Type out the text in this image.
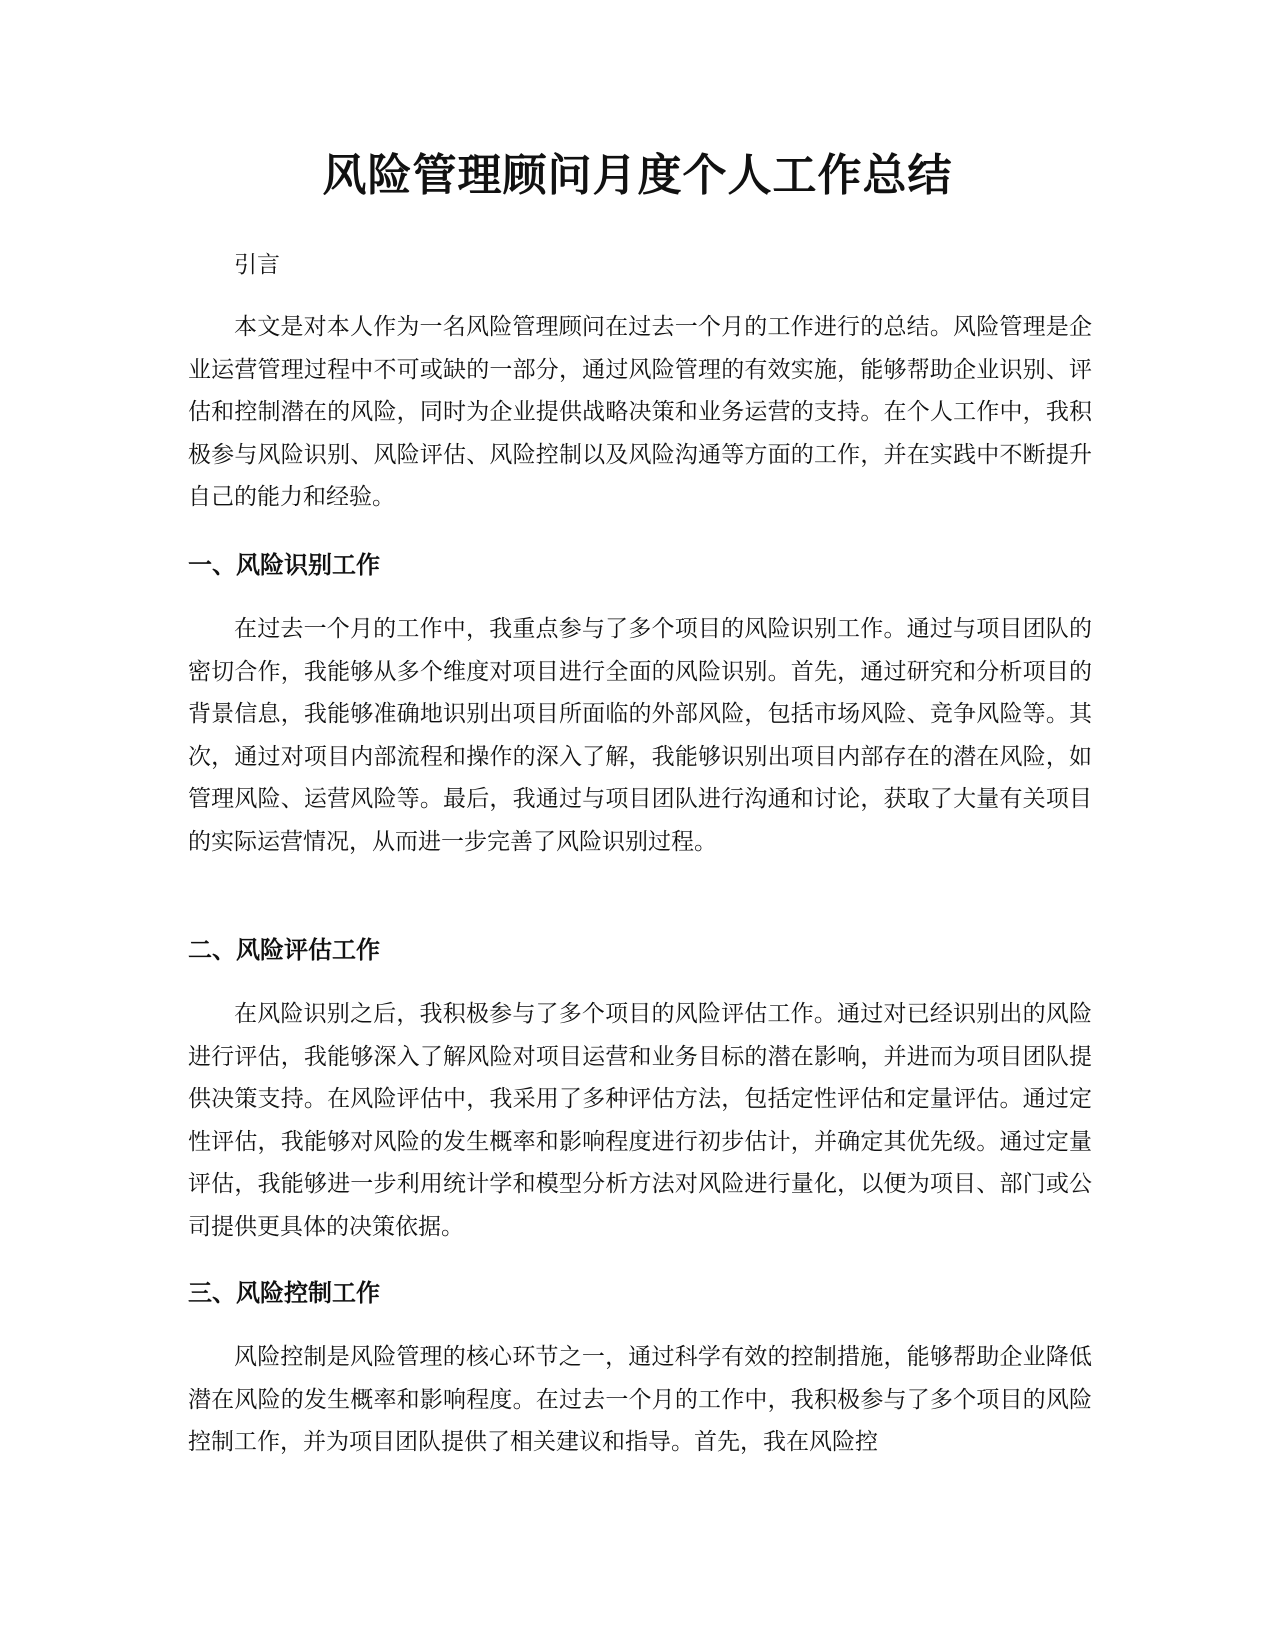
风险管理顾问月度个人工作总结

引言

本文是对本人作为一名风险管理顾问在过去一个月的工作进行的总结。风险管理是企业运营管理过程中不可或缺的一部分，通过风险管理的有效实施，能够帮助企业识别、评估和控制潜在的风险，同时为企业提供战略决策和业务运营的支持。在个人工作中，我积极参与风险识别、风险评估、风险控制以及风险沟通等方面的工作，并在实践中不断提升自己的能力和经验。

一、风险识别工作

在过去一个月的工作中，我重点参与了多个项目的风险识别工作。通过与项目团队的密切合作，我能够从多个维度对项目进行全面的风险识别。首先，通过研究和分析项目的背景信息，我能够准确地识别出项目所面临的外部风险，包括市场风险、竞争风险等。其次，通过对项目内部流程和操作的深入了解，我能够识别出项目内部存在的潜在风险，如管理风险、运营风险等。最后，我通过与项目团队进行沟通和讨论，获取了大量有关项目的实际运营情况，从而进一步完善了风险识别过程。

二、风险评估工作

在风险识别之后，我积极参与了多个项目的风险评估工作。通过对已经识别出的风险进行评估，我能够深入了解风险对项目运营和业务目标的潜在影响，并进而为项目团队提供决策支持。在风险评估中，我采用了多种评估方法，包括定性评估和定量评估。通过定性评估，我能够对风险的发生概率和影响程度进行初步估计，并确定其优先级。通过定量评估，我能够进一步利用统计学和模型分析方法对风险进行量化，以便为项目、部门或公司提供更具体的决策依据。

三、风险控制工作

风险控制是风险管理的核心环节之一，通过科学有效的控制措施，能够帮助企业降低潜在风险的发生概率和影响程度。在过去一个月的工作中，我积极参与了多个项目的风险控制工作，并为项目团队提供了相关建议和指导。首先，我在风险控
